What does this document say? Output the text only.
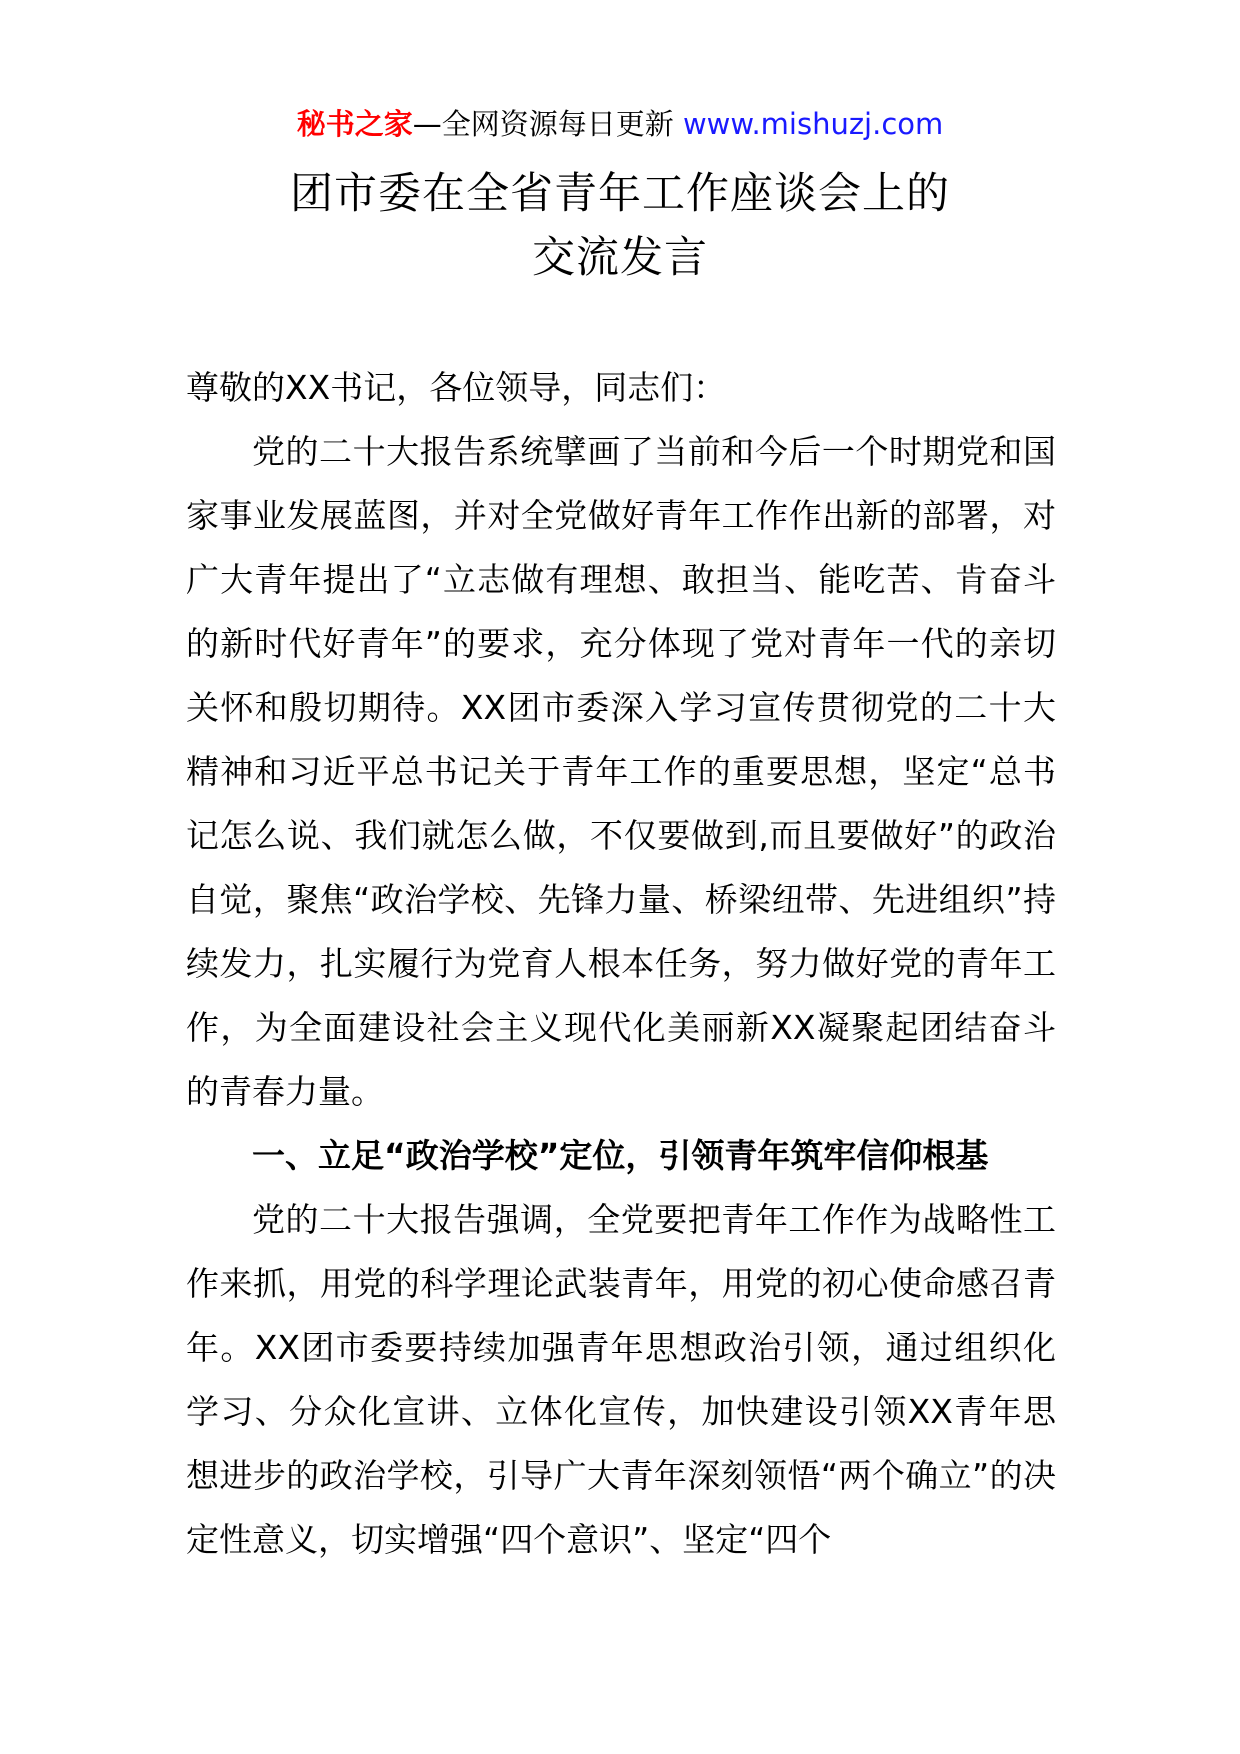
秘书之家—全网资源每日更新 www.mishuzj.com
团市委在全省青年工作座谈会上的
交流发言

尊敬的XX书记，各位领导，同志们：

党的二十大报告系统擘画了当前和今后一个时期党和国家事业发展蓝图，并对全党做好青年工作作出新的部署，对广大青年提出了“立志做有理想、敢担当、能吃苦、肯奋斗的新时代好青年”的要求，充分体现了党对青年一代的亲切关怀和殷切期待。XX团市委深入学习宣传贯彻党的二十大精神和习近平总书记关于青年工作的重要思想，坚定“总书记怎么说、我们就怎么做，不仅要做到,而且要做好”的政治自觉，聚焦“政治学校、先锋力量、桥梁纽带、先进组织”持续发力，扎实履行为党育人根本任务，努力做好党的青年工作，为全面建设社会主义现代化美丽新XX凝聚起团结奋斗的青春力量。

一、立足“政治学校”定位，引领青年筑牢信仰根基

党的二十大报告强调，全党要把青年工作作为战略性工作来抓，用党的科学理论武装青年，用党的初心使命感召青年。XX团市委要持续加强青年思想政治引领，通过组织化学习、分众化宣讲、立体化宣传，加快建设引领XX青年思想进步的政治学校，引导广大青年深刻领悟“两个确立”的决定性意义，切实增强“四个意识”、坚定“四个
